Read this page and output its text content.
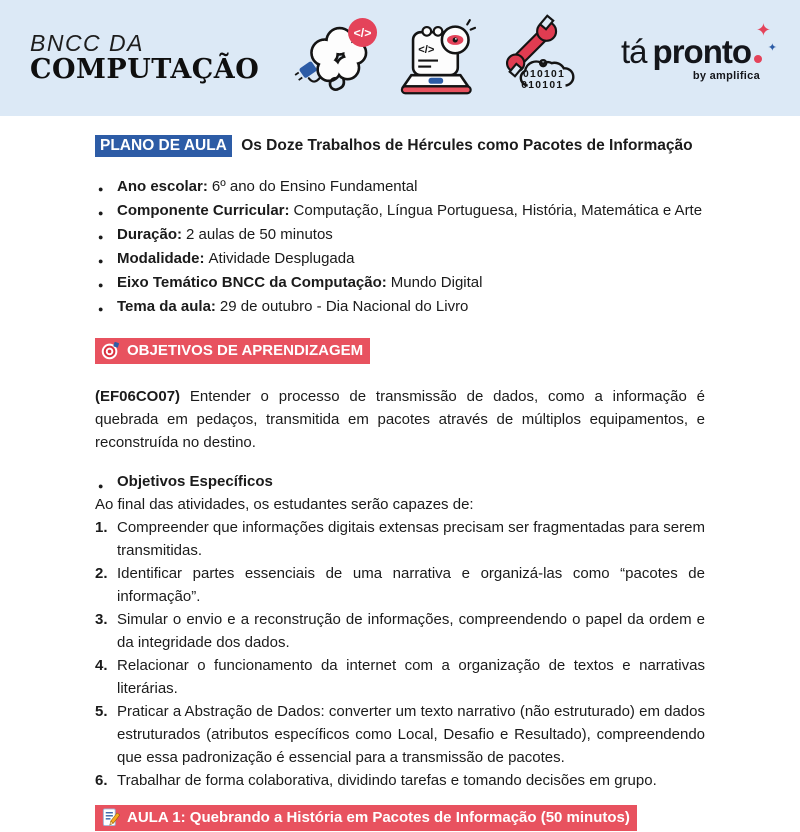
BNCC DA
COMPUTAÇÃO
</>
</>
010101
010101
tá pronto
✦
✦
by amplifica
PLANO DE AULA Os Doze Trabalhos de Hércules como Pacotes de Informação
● Ano escolar: 6º ano do Ensino Fundamental
● Componente Curricular: Computação, Língua Portuguesa, História, Matemática e Arte
● Duração: 2 aulas de 50 minutos
● Modalidade: Atividade Desplugada
● Eixo Temático BNCC da Computação: Mundo Digital
● Tema da aula: 29 de outubro - Dia Nacional do Livro
OBJETIVOS DE APRENDIZAGEM

(EF06CO07) Entender o processo de transmissão de dados, como a informação é quebrada em pedaços, transmitida em pacotes através de múltiplos equipamentos, e reconstruída no destino.

● Objetivos Específicos
Ao final das atividades, os estudantes serão capazes de:
1. Compreender que informações digitais extensas precisam ser fragmentadas para serem transmitidas.
2. Identificar partes essenciais de uma narrativa e organizá-las como “pacotes de informação”.
3. Simular o envio e a reconstrução de informações, compreendendo o papel da ordem e da integridade dos dados.
4. Relacionar o funcionamento da internet com a organização de textos e narrativas literárias.
5. Praticar a Abstração de Dados: converter um texto narrativo (não estruturado) em dados estruturados (atributos específicos como Local, Desafio e Resultado), compreendendo que essa padronização é essencial para a transmissão de pacotes.
6. Trabalhar de forma colaborativa, dividindo tarefas e tomando decisões em grupo.
AULA 1: Quebrando a História em Pacotes de Informação (50 minutos)
